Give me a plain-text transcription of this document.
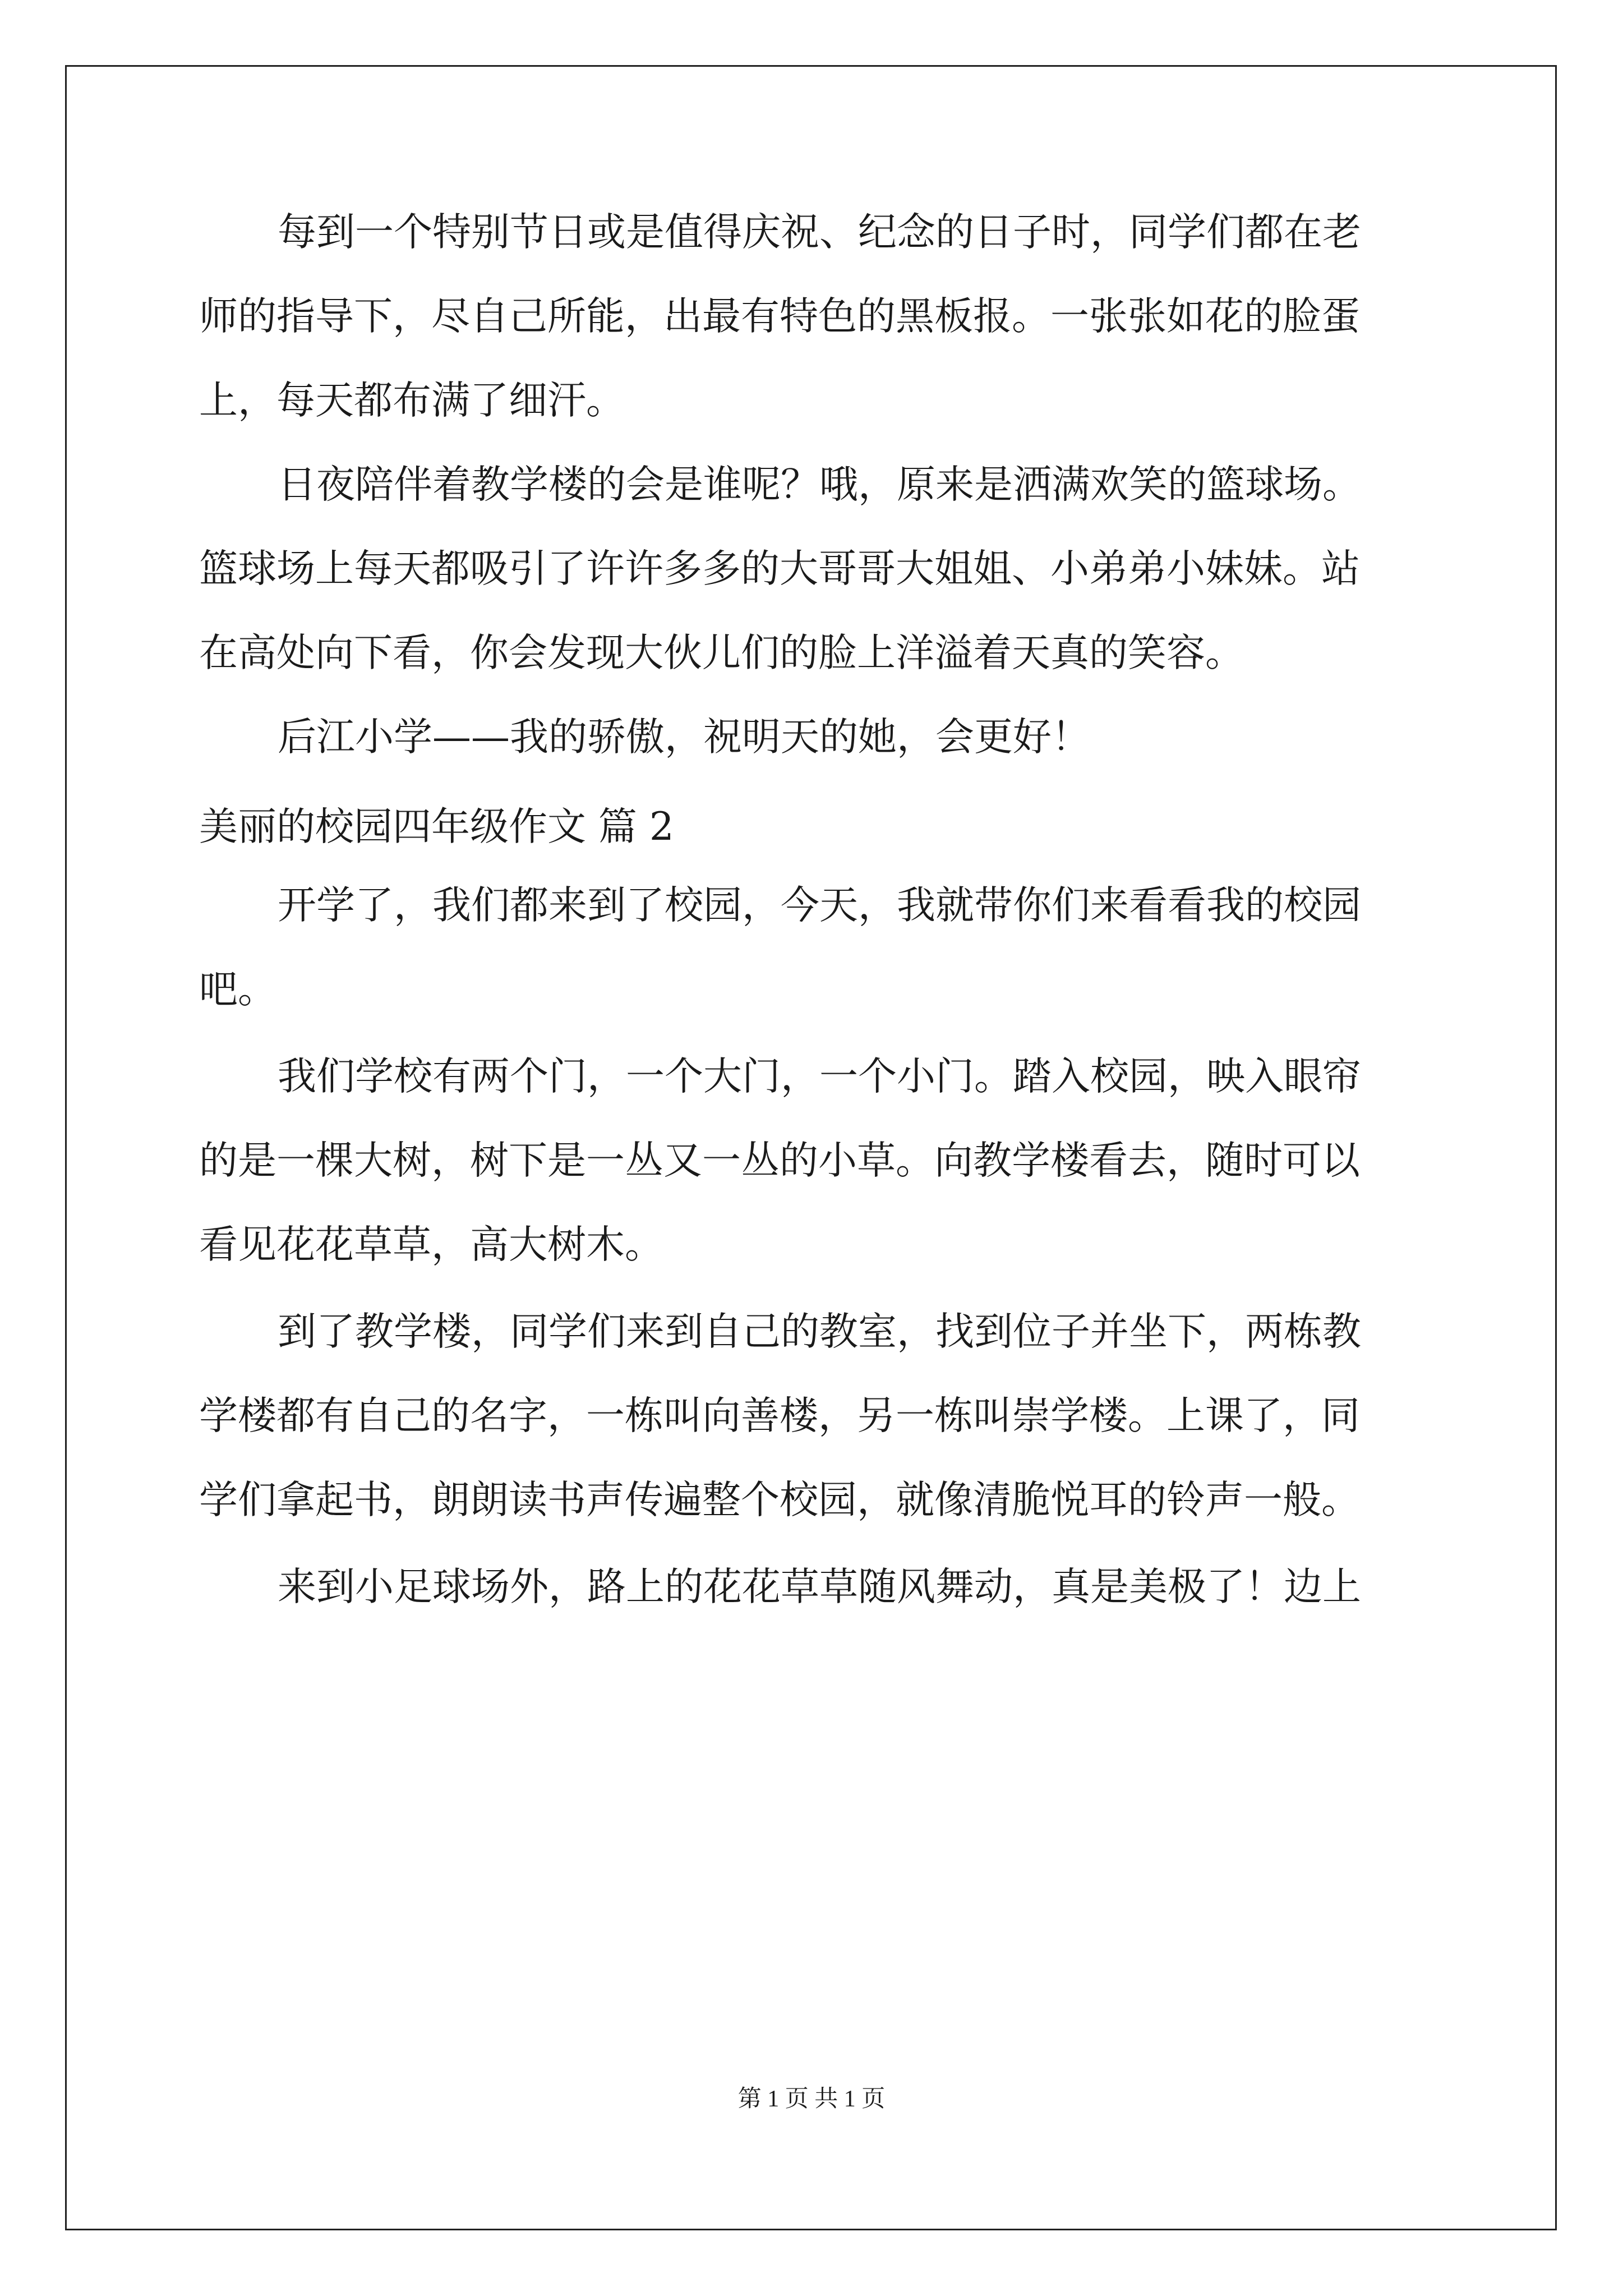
每到一个特别节日或是值得庆祝、纪念的日子时，同学们都在老

师的指导下，尽自己所能，出最有特色的黑板报。一张张如花的脸蛋

上，每天都布满了细汗。

日夜陪伴着教学楼的会是谁呢？哦，原来是洒满欢笑的篮球场。

篮球场上每天都吸引了许许多多的大哥哥大姐姐、小弟弟小妹妹。站

在高处向下看，你会发现大伙儿们的脸上洋溢着天真的笑容。

后江小学——我的骄傲，祝明天的她，会更好！

美丽的校园四年级作文 篇 2

开学了，我们都来到了校园，今天，我就带你们来看看我的校园

吧。

我们学校有两个门，一个大门，一个小门。踏入校园，映入眼帘

的是一棵大树，树下是一丛又一丛的小草。向教学楼看去，随时可以

看见花花草草，高大树木。

到了教学楼，同学们来到自己的教室，找到位子并坐下，两栋教

学楼都有自己的名字，一栋叫向善楼，另一栋叫崇学楼。上课了，同

学们拿起书，朗朗读书声传遍整个校园，就像清脆悦耳的铃声一般。

来到小足球场外，路上的花花草草随风舞动，真是美极了！边上

第 1 页 共 1 页
